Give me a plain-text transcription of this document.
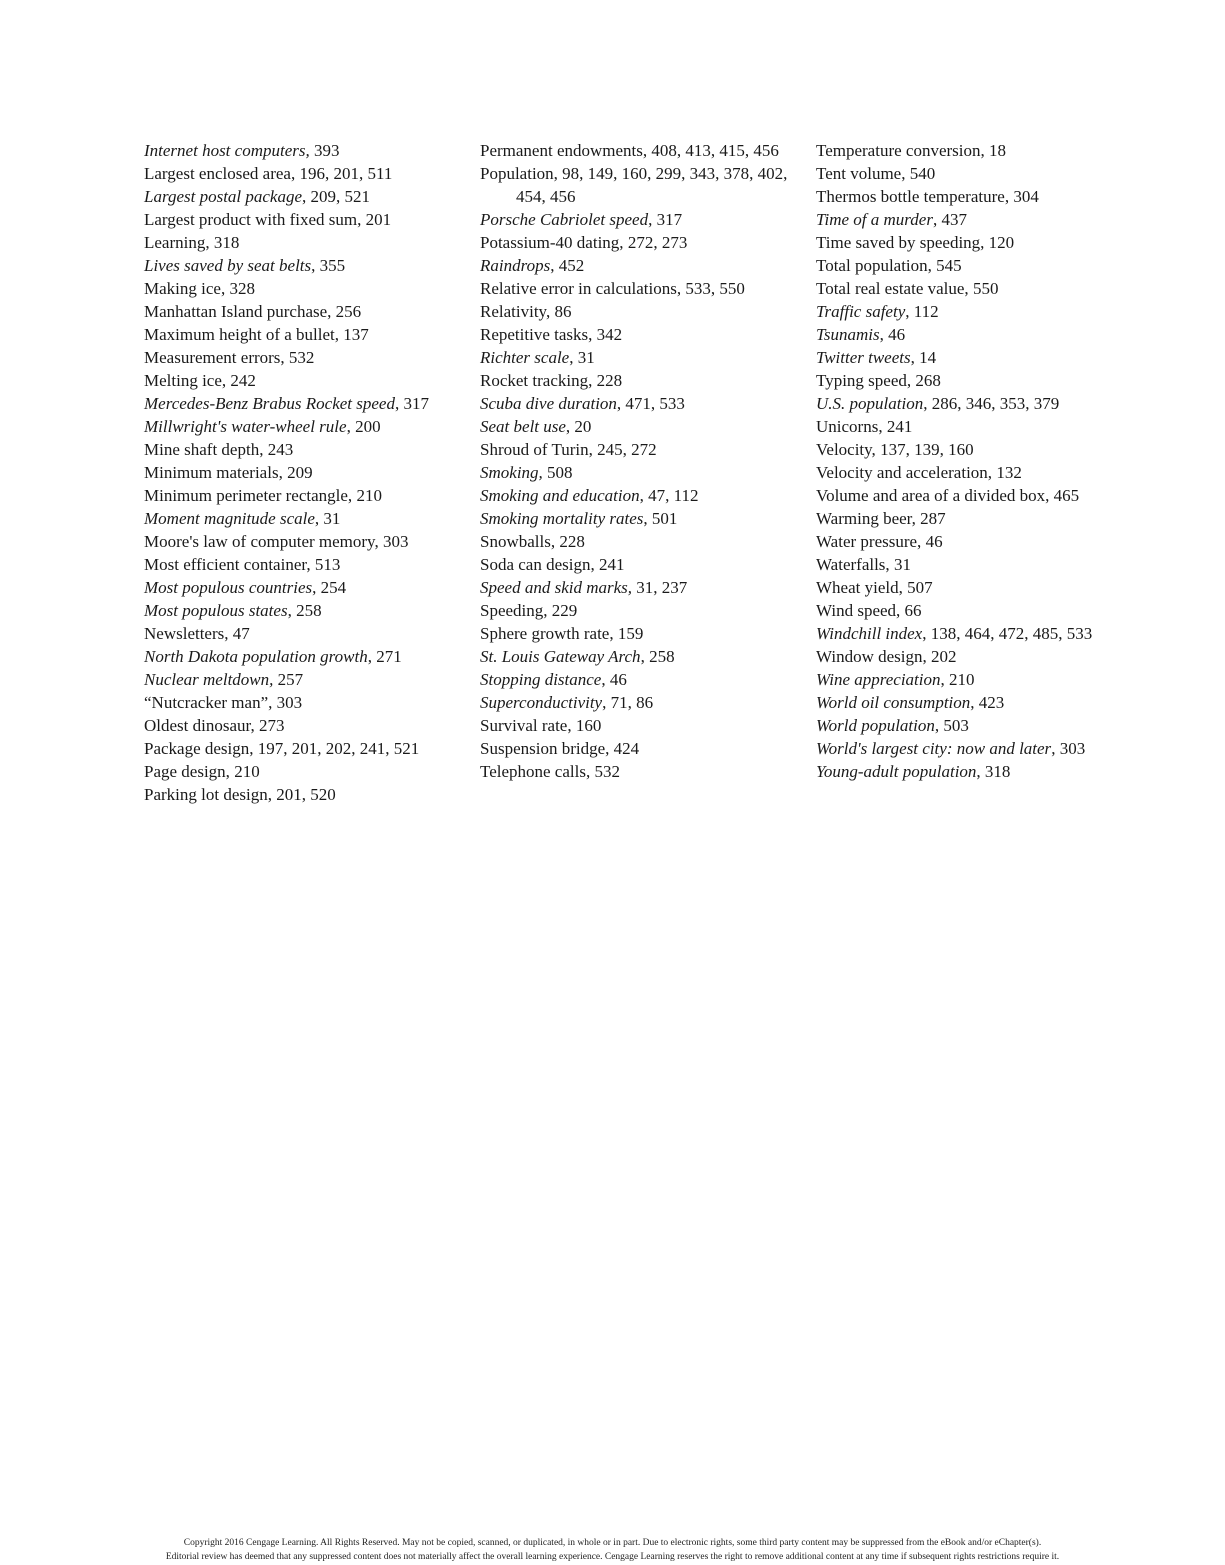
Internet host computers, 393
Largest enclosed area, 196, 201, 511
Largest postal package, 209, 521
Largest product with fixed sum, 201
Learning, 318
Lives saved by seat belts, 355
Making ice, 328
Manhattan Island purchase, 256
Maximum height of a bullet, 137
Measurement errors, 532
Melting ice, 242
Mercedes-Benz Brabus Rocket speed, 317
Millwright's water-wheel rule, 200
Mine shaft depth, 243
Minimum materials, 209
Minimum perimeter rectangle, 210
Moment magnitude scale, 31
Moore's law of computer memory, 303
Most efficient container, 513
Most populous countries, 254
Most populous states, 258
Newsletters, 47
North Dakota population growth, 271
Nuclear meltdown, 257
“Nutcracker man”, 303
Oldest dinosaur, 273
Package design, 197, 201, 202, 241, 521
Page design, 210
Parking lot design, 201, 520
Permanent endowments, 408, 413, 415, 456
Population, 98, 149, 160, 299, 343, 378, 402, 454, 456
Porsche Cabriolet speed, 317
Potassium-40 dating, 272, 273
Raindrops, 452
Relative error in calculations, 533, 550
Relativity, 86
Repetitive tasks, 342
Richter scale, 31
Rocket tracking, 228
Scuba dive duration, 471, 533
Seat belt use, 20
Shroud of Turin, 245, 272
Smoking, 508
Smoking and education, 47, 112
Smoking mortality rates, 501
Snowballs, 228
Soda can design, 241
Speed and skid marks, 31, 237
Speeding, 229
Sphere growth rate, 159
St. Louis Gateway Arch, 258
Stopping distance, 46
Superconductivity, 71, 86
Survival rate, 160
Suspension bridge, 424
Telephone calls, 532
Temperature conversion, 18
Tent volume, 540
Thermos bottle temperature, 304
Time of a murder, 437
Time saved by speeding, 120
Total population, 545
Total real estate value, 550
Traffic safety, 112
Tsunamis, 46
Twitter tweets, 14
Typing speed, 268
U.S. population, 286, 346, 353, 379
Unicorns, 241
Velocity, 137, 139, 160
Velocity and acceleration, 132
Volume and area of a divided box, 465
Warming beer, 287
Water pressure, 46
Waterfalls, 31
Wheat yield, 507
Wind speed, 66
Windchill index, 138, 464, 472, 485, 533
Window design, 202
Wine appreciation, 210
World oil consumption, 423
World population, 503
World's largest city: now and later, 303
Young-adult population, 318
Copyright 2016 Cengage Learning. All Rights Reserved. May not be copied, scanned, or duplicated, in whole or in part. Due to electronic rights, some third party content may be suppressed from the eBook and/or eChapter(s).
Editorial review has deemed that any suppressed content does not materially affect the overall learning experience. Cengage Learning reserves the right to remove additional content at any time if subsequent rights restrictions require it.
